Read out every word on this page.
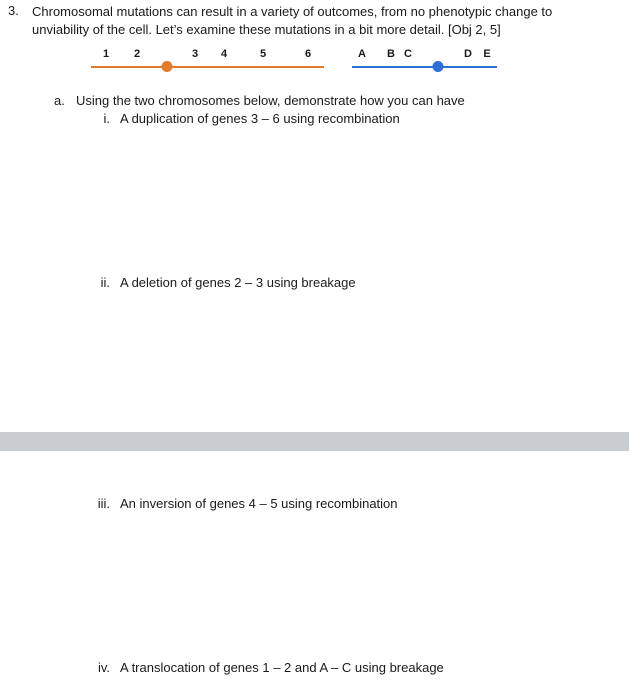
3. Chromosomal mutations can result in a variety of outcomes, from no phenotypic change to
unviability of the cell. Let’s examine these mutations in a bit more detail. [Obj 2, 5]
1 2	3 4	5	6	A B C	D E
a. Using the two chromosomes below, demonstrate how you can have
i. A duplication of genes 3 – 6 using recombination
ii. A deletion of genes 2 – 3 using breakage
iii. An inversion of genes 4 – 5 using recombination
iv. A translocation of genes 1 – 2 and A – C using breakage
